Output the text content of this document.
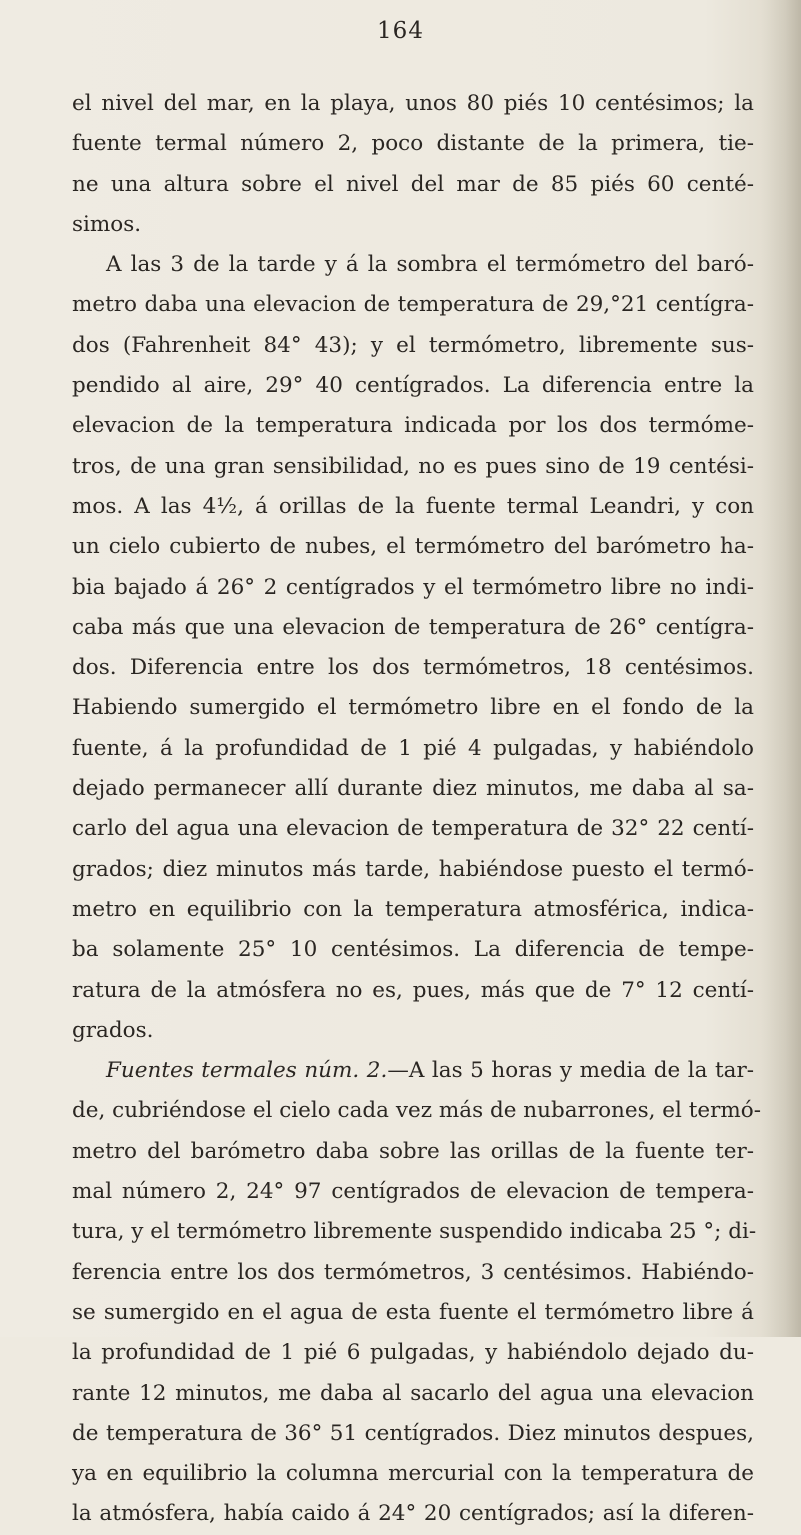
164
el nivel del mar, en la playa, unos 80 piés 10 centésimos; la
fuente termal número 2, poco distante de la primera, tie-
ne una altura sobre el nivel del mar de 85 piés 60 centé-
simos.
A las 3 de la tarde y á la sombra el termómetro del baró-
metro daba una elevacion de temperatura de 29,°21 centígra-
dos (Fahrenheit 84° 43); y el termómetro, libremente sus-
pendido al aire, 29° 40 centígrados. La diferencia entre la
elevacion de la temperatura indicada por los dos termóme-
tros, de una gran sensibilidad, no es pues sino de 19 centési-
mos. A las 4½, á orillas de la fuente termal Leandri, y con
un cielo cubierto de nubes, el termómetro del barómetro ha-
bia bajado á 26° 2 centígrados y el termómetro libre no indi-
caba más que una elevacion de temperatura de 26° centígra-
dos. Diferencia entre los dos termómetros, 18 centésimos.
Habiendo sumergido el termómetro libre en el fondo de la
fuente, á la profundidad de 1 pié 4 pulgadas, y habiéndolo
dejado permanecer allí durante diez minutos, me daba al sa-
carlo del agua una elevacion de temperatura de 32° 22 centí-
grados; diez minutos más tarde, habiéndose puesto el termó-
metro en equilibrio con la temperatura atmosférica, indica-
ba solamente 25° 10 centésimos. La diferencia de tempe-
ratura de la atmósfera no es, pues, más que de 7° 12 centí-
grados.
Fuentes termales núm. 2.—A las 5 horas y media de la tar-
de, cubriéndose el cielo cada vez más de nubarrones, el termó-
metro del barómetro daba sobre las orillas de la fuente ter-
mal número 2, 24° 97 centígrados de elevacion de tempera-
tura, y el termómetro libremente suspendido indicaba 25 °; di-
ferencia entre los dos termómetros, 3 centésimos. Habiéndo-
se sumergido en el agua de esta fuente el termómetro libre á
la profundidad de 1 pié 6 pulgadas, y habiéndolo dejado du-
rante 12 minutos, me daba al sacarlo del agua una elevacion
de temperatura de 36° 51 centígrados. Diez minutos despues,
ya en equilibrio la columna mercurial con la temperatura de
la atmósfera, había caido á 24° 20 centígrados; así la diferen-
